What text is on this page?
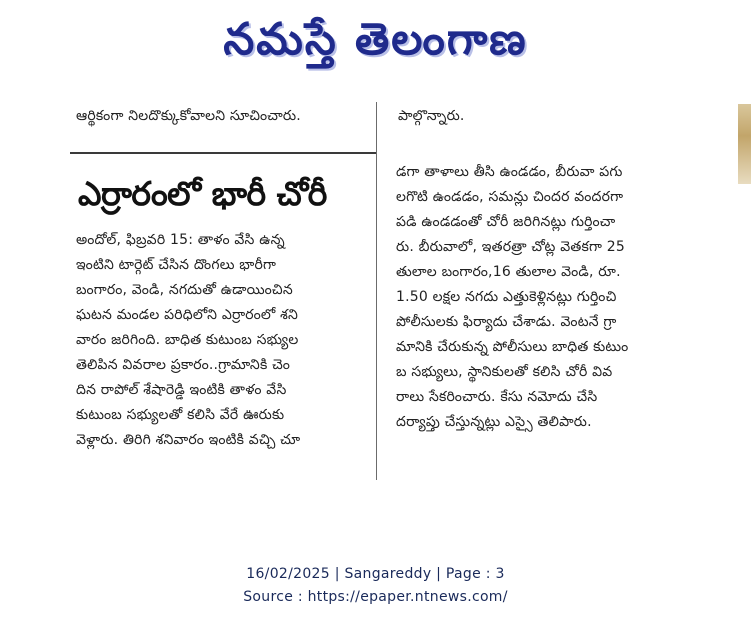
నమస్తే తెలంగాణ
ఆర్థికంగా నిలదొక్కుకోవాలని సూచించారు.	పాల్గొన్నారు.
ఎర్రారంలో భారీ చోరీ
అందోల్, ఫిబ్రవరి 15: తాళం వేసి ఉన్న
ఇంటిని టార్గెట్ చేసిన దొంగలు భారీగా
బంగారం, వెండి, నగదుతో ఉడాయించిన
ఘటన మండల పరిధిలోని ఎర్రారంలో శని
వారం జరిగింది. బాధిత కుటుంబ సభ్యుల
తెలిపిన వివరాల ప్రకారం..గ్రామానికి చెం
దిన రాపోల్ శేషారెడ్డి ఇంటికి తాళం వేసి
కుటుంబ సభ్యులతో కలిసి వేరే ఊరుకు
వెళ్లారు. తిరిగి శనివారం ఇంటికి వచ్చి చూ
డగా తాళాలు తీసి ఉండడం, బీరువా పగు
లగొటి ఉండడం, సమన్లు చిందర వందరగా
పడి ఉండడంతో చోరీ జరిగినట్లు గుర్తించా
రు. బీరువాలో, ఇతరత్రా చోట్ల వెతకగా 25
తులాల బంగారం,16 తులాల వెండి, రూ.
1.50 లక్షల నగదు ఎత్తుకెళ్లినట్లు గుర్తించి
పోలీసులకు ఫిర్యాదు చేశాడు. వెంటనే గ్రా
మానికి చేరుకున్న పోలీసులు బాధిత కుటుం
బ సభ్యులు, స్థానికులతో కలిసి చోరీ వివ
రాలు సేకరించారు. కేసు నమోదు చేసి
దర్యాప్తు చేస్తున్నట్లు ఎస్సై తెలిపారు.
16/02/2025 | Sangareddy | Page : 3
Source : https://epaper.ntnews.com/
